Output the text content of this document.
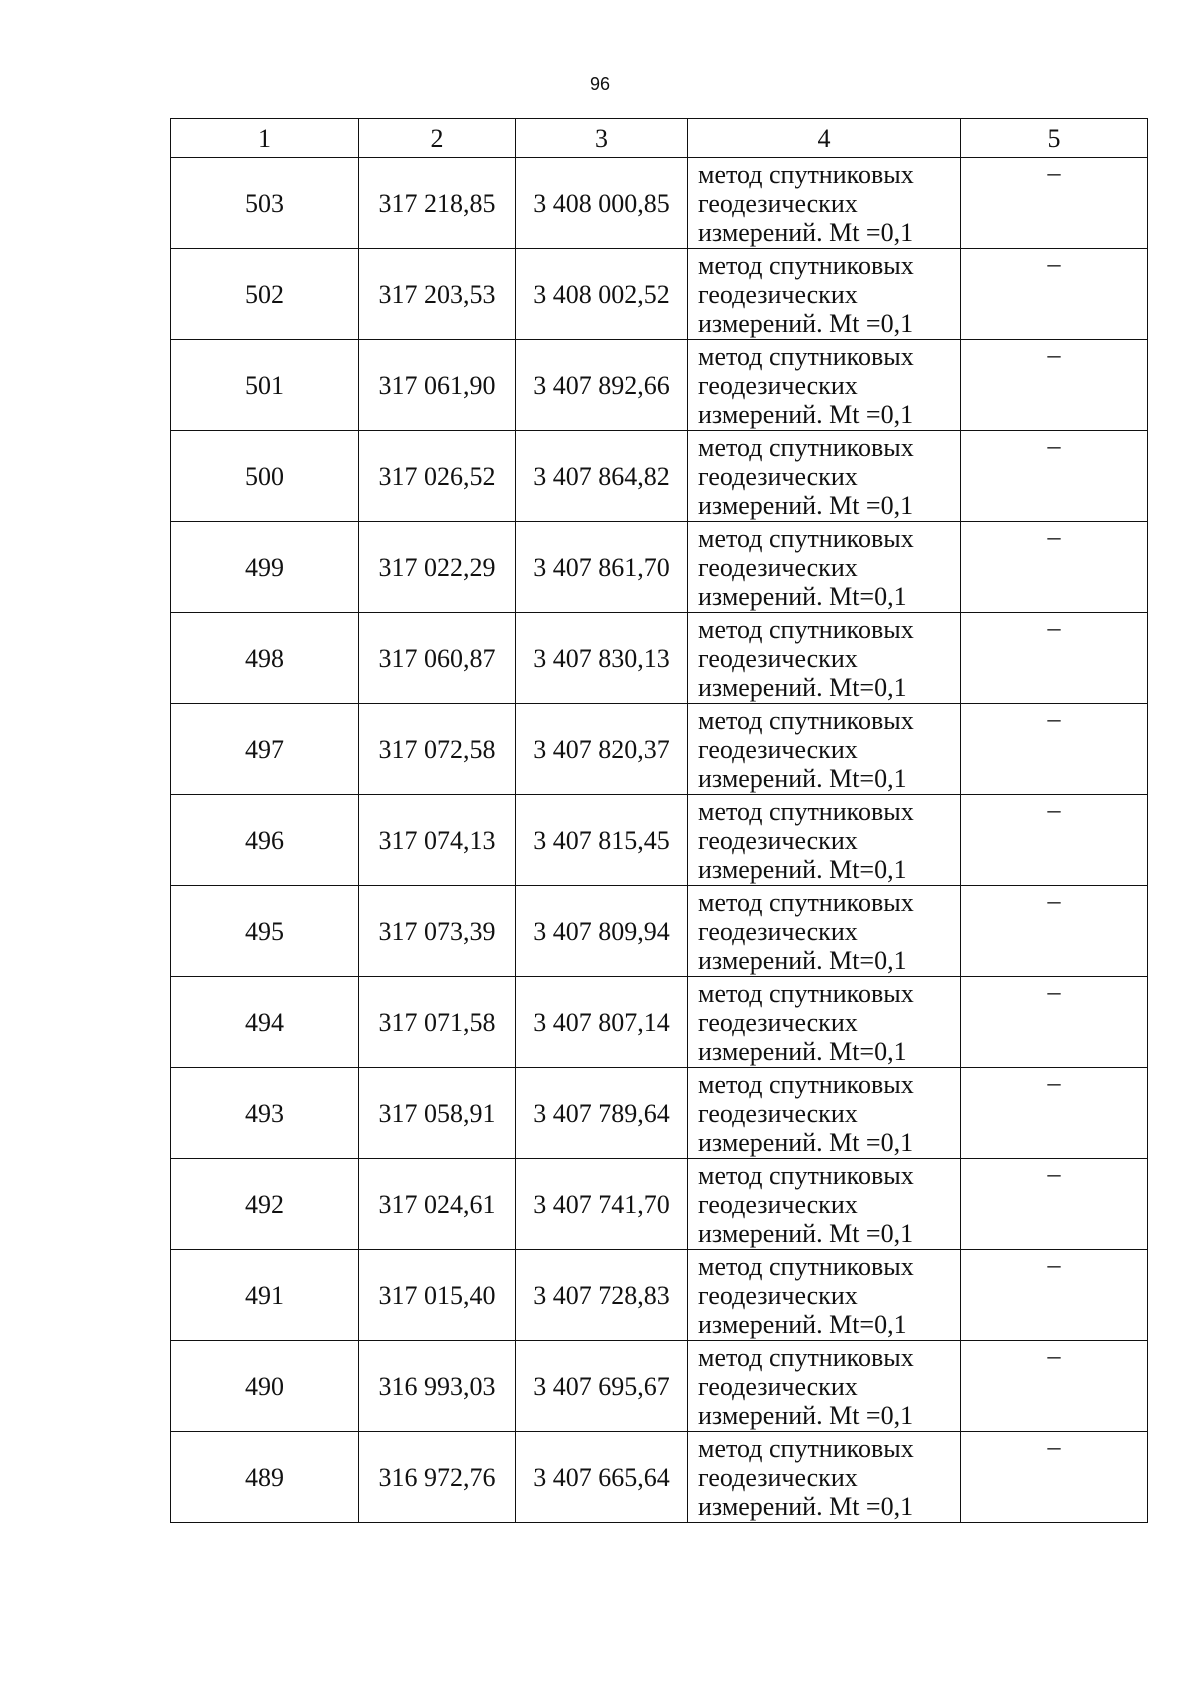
96
1	2	3	4	5
503	317 218,85	3 408 000,85	метод спутниковых
геодезических
измерений. Mt =0,1	–
502	317 203,53	3 408 002,52	метод спутниковых
геодезических
измерений. Mt =0,1	–
501	317 061,90	3 407 892,66	метод спутниковых
геодезических
измерений. Mt =0,1	–
500	317 026,52	3 407 864,82	метод спутниковых
геодезических
измерений. Mt =0,1	–
499	317 022,29	3 407 861,70	метод спутниковых
геодезических
измерений. Mt=0,1	–
498	317 060,87	3 407 830,13	метод спутниковых
геодезических
измерений. Mt=0,1	–
497	317 072,58	3 407 820,37	метод спутниковых
геодезических
измерений. Mt=0,1	–
496	317 074,13	3 407 815,45	метод спутниковых
геодезических
измерений. Mt=0,1	–
495	317 073,39	3 407 809,94	метод спутниковых
геодезических
измерений. Mt=0,1	–
494	317 071,58	3 407 807,14	метод спутниковых
геодезических
измерений. Mt=0,1	–
493	317 058,91	3 407 789,64	метод спутниковых
геодезических
измерений. Mt =0,1	–
492	317 024,61	3 407 741,70	метод спутниковых
геодезических
измерений. Mt =0,1	–
491	317 015,40	3 407 728,83	метод спутниковых
геодезических
измерений. Mt=0,1	–
490	316 993,03	3 407 695,67	метод спутниковых
геодезических
измерений. Mt =0,1	–
489	316 972,76	3 407 665,64	метод спутниковых
геодезических
измерений. Mt =0,1	–
